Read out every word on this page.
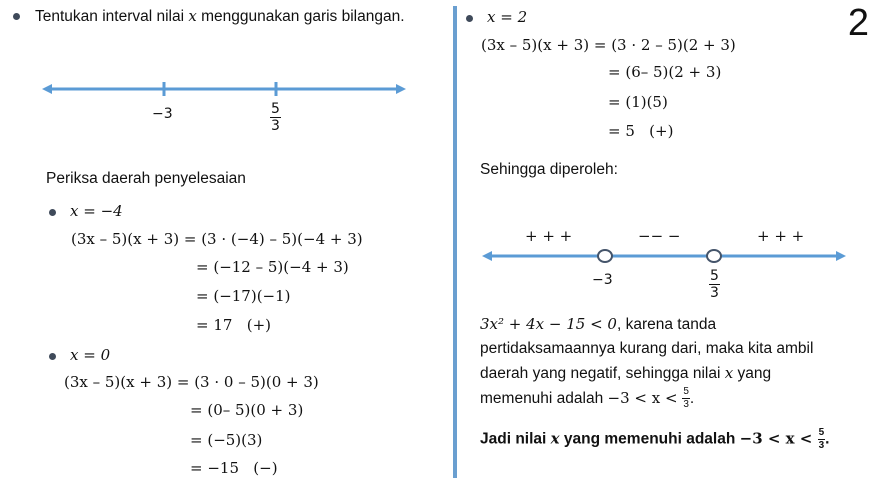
2
Tentukan interval nilai x menggunakan garis bilangan.
−3	$\frac{5}{3}$
Periksa daerah penyelesaian
x = −4
(3x – 5)(x + 3) = (3 · (−4) – 5)(−4 + 3)
= (−12 – 5)(−4 + 3)
= (−17)(−1)
= 17   (+)
x = 0
(3x – 5)(x + 3) = (3 · 0 – 5)(0 + 3)
= (0– 5)(0 + 3)
= (−5)(3)
= −15   (−)
x = 2
(3x – 5)(x + 3) = (3 · 2 – 5)(2 + 3)
= (6– 5)(2 + 3)
= (1)(5)
= 5   (+)
Sehingga diperoleh:
+ + +	−− −	+ + +
−3	$\frac{5}{3}$
3x² + 4x − 15 < 0, karena tanda
pertidaksamaannya kurang dari, maka kita ambil
daerah yang negatif, sehingga nilai x yang
memenuhi adalah $-3 < x < \frac{5}{3}$ .
Jadi nilai x yang memenuhi adalah $-3 < x < \frac{5}{3}$ .
